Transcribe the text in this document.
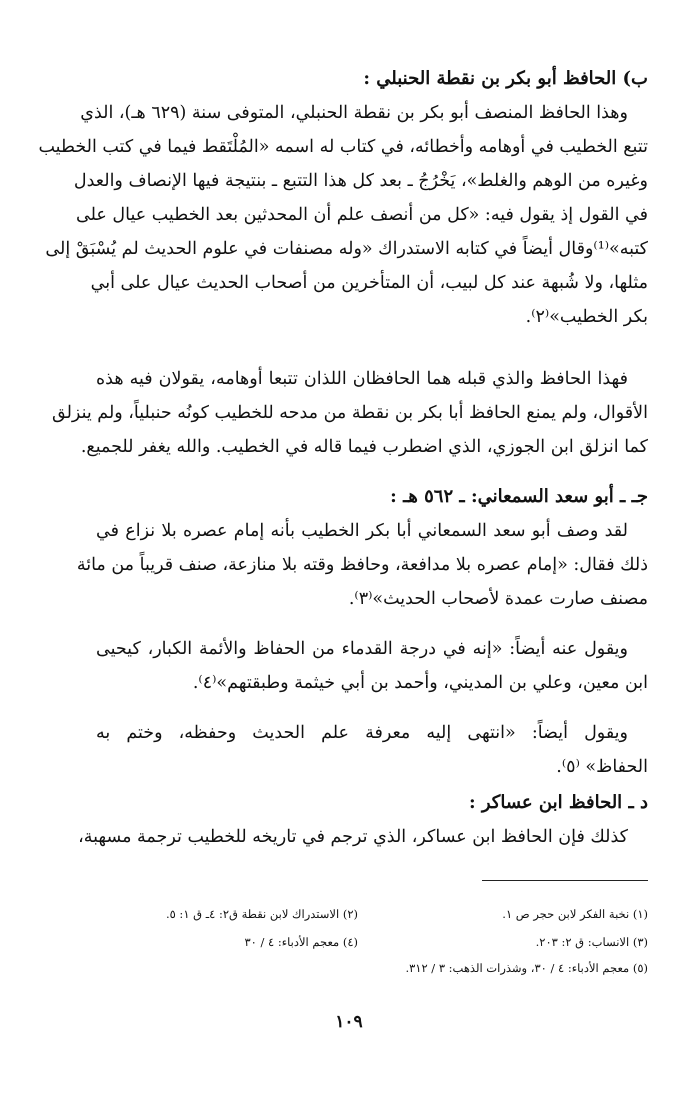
ب) الحافظ أبو بكر بن نقطة الحنبلي :
وهذا الحافظ المنصف أبو بكر بن نقطة الحنبلي، المتوفى سنة (٦٢٩ هـ)، الذي
تتبع الخطيب في أوهامه وأخطائه، في كتاب له اسمه «المُلْتَقط فيما في كتب الخطيب
وغيره من الوهم والغلط»، يَخْرُجُ ـ بعد كل هذا التتبع ـ بنتيجة فيها الإنصاف والعدل
في القول إذ يقول فيه: «كل من أنصف علم أن المحدثين بعد الخطيب عيال على
كتبه»⁽¹⁾وقال أيضاً في كتابه الاستدراك «وله مصنفات في علوم الحديث لم يُسْبَقْ إلى
مثلها، ولا شُبهة عند كل لبيب، أن المتأخرين من أصحاب الحديث عيال على أبي
بكر الخطيب»⁽٢⁾.
فهذا الحافظ والذي قبله هما الحافظان اللذان تتبعا أوهامه، يقولان فيه هذه
الأقوال، ولم يمنع الحافظ أبا بكر بن نقطة من مدحه للخطيب كونُه حنبلياً، ولم ينزلق
كما انزلق ابن الجوزي، الذي اضطرب فيما قاله في الخطيب. والله يغفر للجميع.
جـ ـ أبو سعد السمعاني: ـ ٥٦٢ هـ :
لقد وصف أبو سعد السمعاني أبا بكر الخطيب بأنه إمام عصره بلا نزاع في
ذلك فقال: «إمام عصره بلا مدافعة، وحافظ وقته بلا منازعة، صنف قريباً من مائة
مصنف صارت عمدة لأصحاب الحديث»⁽٣⁾.
ويقول عنه أيضاً: «إنه في درجة القدماء من الحفاظ والأئمة الكبار، كيحيى
ابن معين، وعلي بن المديني، وأحمد بن أبي خيثمة وطبقتهم»⁽٤⁾.
ويقول أيضاً: «انتهى إليه معرفة علم الحديث وحفظه، وختم به
الحفاظ» ⁽٥⁾.
د ـ الحافظ ابن عساكر :
كذلك فإن الحافظ ابن عساكر، الذي ترجم في تاريخه للخطيب ترجمة مسهبة،
(١) نخبة الفكر لابن حجر ص ١.
(٢) الاستدراك لابن نقطة ق٢: ٤ـ ق ١: ٥.
(٣) الانساب: ق ٢: ٢٠٣.
(٤) معجم الأدباء: ٤ / ٣٠
(٥) معجم الأدباء: ٤ / ٣٠، وشذرات الذهب: ٣ / ٣١٢.
١٠٩
